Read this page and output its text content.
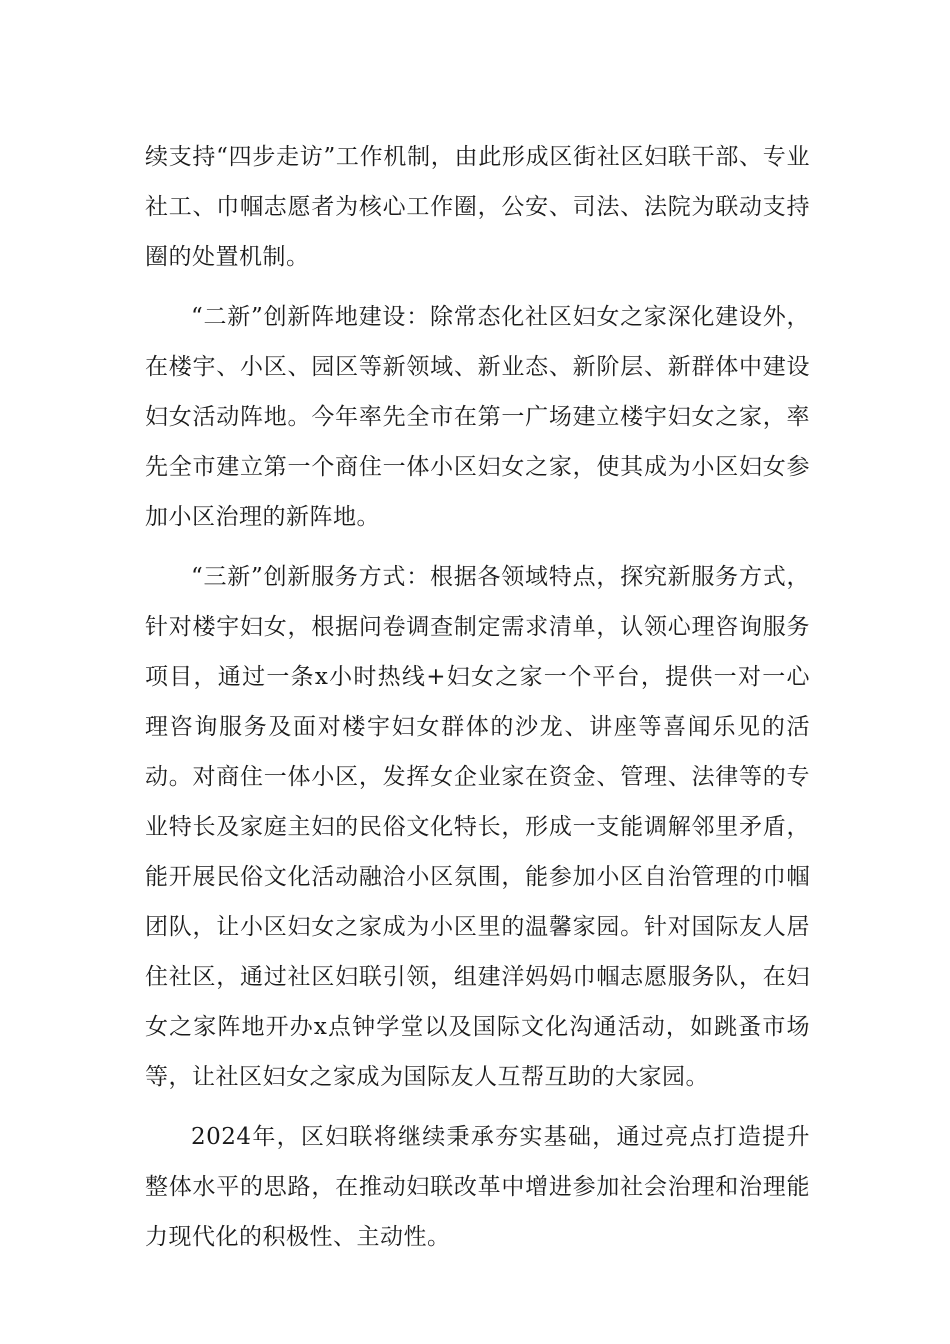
续支持“四步走访”工作机制，由此形成区街社区妇联干部、专业社工、巾帼志愿者为核心工作圈，公安、司法、法院为联动支持圈的处置机制。

“二新”创新阵地建设：除常态化社区妇女之家深化建设外，在楼宇、小区、园区等新领域、新业态、新阶层、新群体中建设妇女活动阵地。今年率先全市在第一广场建立楼宇妇女之家，率先全市建立第一个商住一体小区妇女之家，使其成为小区妇女参加小区治理的新阵地。

“三新”创新服务方式：根据各领域特点，探究新服务方式，针对楼宇妇女，根据问卷调查制定需求清单，认领心理咨询服务项目，通过一条x小时热线+妇女之家一个平台，提供一对一心理咨询服务及面对楼宇妇女群体的沙龙、讲座等喜闻乐见的活动。对商住一体小区，发挥女企业家在资金、管理、法律等的专业特长及家庭主妇的民俗文化特长，形成一支能调解邻里矛盾，能开展民俗文化活动融洽小区氛围，能参加小区自治管理的巾帼团队，让小区妇女之家成为小区里的温馨家园。针对国际友人居住社区，通过社区妇联引领，组建洋妈妈巾帼志愿服务队，在妇女之家阵地开办x点钟学堂以及国际文化沟通活动，如跳蚤市场等，让社区妇女之家成为国际友人互帮互助的大家园。

2024年，区妇联将继续秉承夯实基础，通过亮点打造提升整体水平的思路，在推动妇联改革中增进参加社会治理和治理能力现代化的积极性、主动性。
